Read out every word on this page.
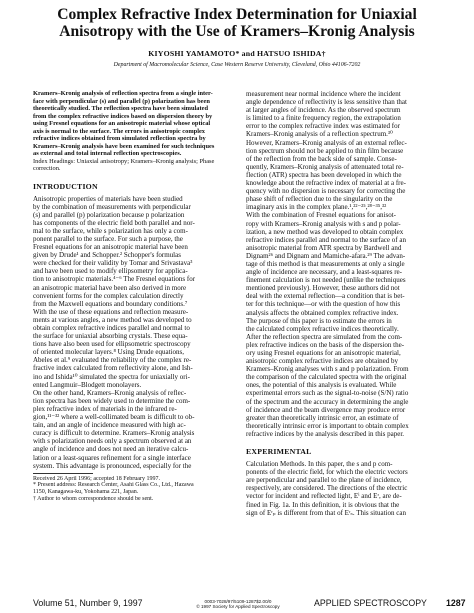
Complex Refractive Index Determination for Uniaxial
Anisotropy with the Use of Kramers–Kronig Analysis

KIYOSHI YAMAMOTO* and HATSUO ISHIDA†

Department of Macromolecular Science, Case Western Reserve University, Cleveland, Ohio 44106-7202

Kramers–Kronig analysis of reflection spectra from a single inter-
face with perpendicular (s) and parallel (p) polarization has been
theoretically studied. The reflection spectra have been simulated
from the complex refractive indices based on dispersion theory by
using Fresnel equations for an anisotropic material whose optical
axis is normal to the surface. The errors in anisotropic complex
refractive indices obtained from simulated reflection spectra by
Kramers–Kronig analysis have been examined for such techniques
as external and total internal reflection spectroscopies.
Index Headings: Uniaxial anisotropy; Kramers–Kronig analysis; Phase correction.
INTRODUCTION
Anisotropic properties of materials have been studied
by the combination of measurements with perpendicular
(s) and parallel (p) polarization because p polarization
has components of the electric field both parallel and nor-
mal to the surface, while s polarization has only a com-
ponent parallel to the surface. For such a purpose, the
Fresnel equations for an anisotropic material have been
given by Drude¹ and Schopper.² Schopper's formulas
were checked for their validity by Tomar and Srivastava³
and have been used to modify ellipsometry for applica-
tion to anisotropic materials.⁴⁻⁶ The Fresnel equations for
an anisotropic material have been also derived in more
convenient forms for the complex calculation directly
from the Maxwell equations and boundary conditions.⁷
With the use of these equations and reflection measure-
ments at various angles, a new method was developed to
obtain complex refractive indices parallel and normal to
the surface for uniaxial absorbing crystals. These equa-
tions have also been used for ellipsometric spectroscopy
of oriented molecular layers.⁸ Using Drude equations,
Abeles et al.⁹ evaluated the reliability of the complex re-
fractive index calculated from reflectivity alone, and Ish-
ino and Ishida¹⁰ simulated the spectra for uniaxially ori-
ented Langmuir–Blodgett monolayers.
On the other hand, Kramers–Kronig analysis of reflec-
tion spectra has been widely used to determine the com-
plex refractive index of materials in the infrared re-
gion,¹¹⁻³² where a well-collimated beam is difficult to ob-
tain, and an angle of incidence measured with high ac-
curacy is difficult to determine. Kramers–Kronig analysis
with s polarization needs only a spectrum observed at an
angle of incidence and does not need an iterative calcu-
lation or a least-squares refinement for a single interface
system. This advantage is pronounced, especially for the
Received 26 April 1996; accepted 18 February 1997.
* Present address: Research Center, Asahi Glass Co., Ltd., Hazawa
1150, Kanagawa-ku, Yokohama 221, Japan.
† Author to whom correspondence should be sent.
measurement near normal incidence where the incident
angle dependence of reflectivity is less sensitive than that
at larger angles of incidence. As the observed spectrum
is limited to a finite frequency region, the extrapolation
error to the complex refractive index was estimated for
Kramers–Kronig analysis of a reflection spectrum.³⁰
However, Kramers–Kronig analysis of an external reflec-
tion spectrum should not be applied to thin film because
of the reflection from the back side of sample. Conse-
quently, Kramers–Kronig analysis of attenuated total re-
flection (ATR) spectra has been developed in which the
knowledge about the refractive index of material at a fre-
quency with no dispersion is necessary for correcting the
phase shift of reflection due to the singularity on the
imaginary axis in the complex plane.¹,²²⁻²⁵,²⁸⁻³⁵,³²
With the combination of Fresnel equations for anisot-
ropy with Kramers–Kronig analysis with s and p polar-
ization, a new method was developed to obtain complex
refractive indices parallel and normal to the surface of an
anisotropic material from ATR spectra by Bardwell and
Dignam²⁶ and Dignam and Mamiche-afara.²⁹ The advan-
tage of this method is that measurements at only a single
angle of incidence are necessary, and a least-squares re-
finement calculation is not needed (unlike the techniques
mentioned previously). However, these authors did not
deal with the external reflection—a condition that is bet-
ter for this technique—or with the question of how this
analysis affects the obtained complex refractive index.
The purpose of this paper is to estimate the errors in
the calculated complex refractive indices theoretically.
After the reflection spectra are simulated from the com-
plex refractive indices on the basis of the dispersion the-
ory using Fresnel equations for an anisotropic material,
anisotropic complex refractive indices are obtained by
Kramers–Kronig analyses with s and p polarization. From
the comparison of the calculated spectra with the original
ones, the potential of this analysis is evaluated. While
experimental errors such as the signal-to-noise (S/N) ratio
of the spectrum and the accuracy in determining the angle
of incidence and the beam divergence may produce error
greater than theoretically intrinsic error, an estimate of
theoretically intrinsic error is important to obtain complex
refractive indices by the analysis described in this paper.
EXPERIMENTAL
Calculation Methods. In this paper, the s and p com-
ponents of the electric field, for which the electric vectors
are perpendicular and parallel to the plane of incidence,
respectively, are considered. The directions of the electric
vector for incident and reflected light, Eⁱ and Eʳ, are de-
fined in Fig. 1a. In this definition, it is obvious that the
sign of Eʳₚ is different from that of Eʳₛ. This situation can

Volume 51, Number 9, 1997	0003-7028/97/5109-1287$2.00/0
© 1997 Society for Applied Spectroscopy	APPLIED SPECTROSCOPY 1287
